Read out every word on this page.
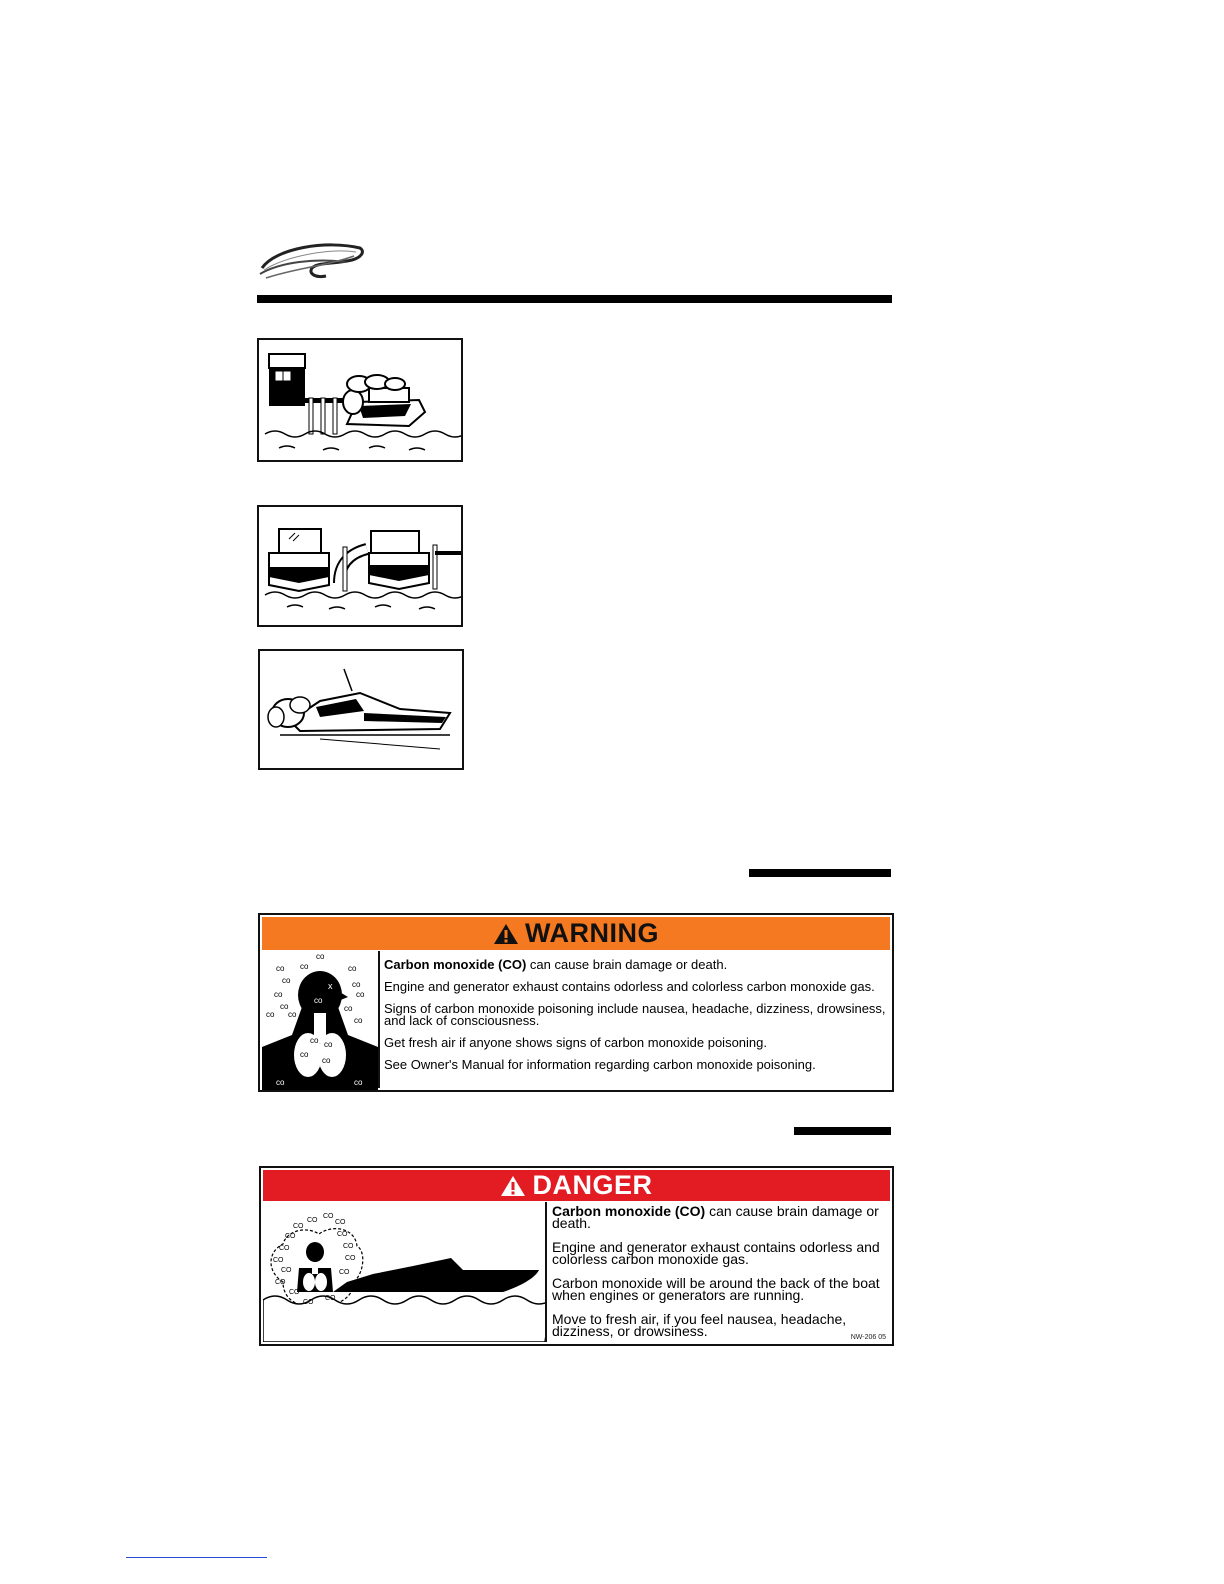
WARNING
x
co
co co	co
co	co
co	co
co	co
co co
co
co	co
co
co
co
co
co

Carbon monoxide (CO) can cause brain damage or death.

Engine and generator exhaust contains odorless and colorless carbon monoxide gas.

Signs of carbon monoxide poisoning include nausea, headache, dizziness, drowsiness, and lack of consciousness.

Get fresh air if anyone shows signs of carbon monoxide poisoning.

See Owner's Manual for information regarding carbon monoxide poisoning.

DANGER
CO
CO
CO
CO
CO	CO
CO	CO
CO	CO
CO	CO
CO
CO
CO
CO

Carbon monoxide (CO) can cause brain damage or death.

Engine and generator exhaust contains odorless and colorless carbon monoxide gas.

Carbon monoxide will be around the back of the boat when engines or generators are running.

Move to fresh air, if you feel nausea, headache, dizziness, or drowsiness.	NW-206 05
